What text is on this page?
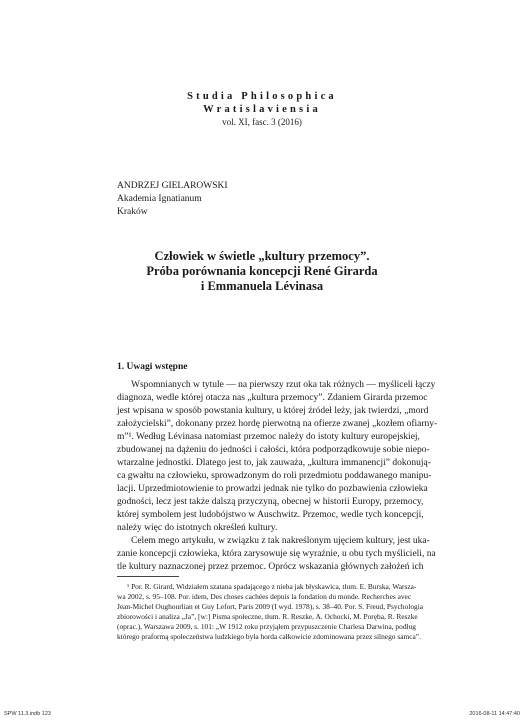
Studia Philosophica
Wratislaviensia
vol. XI, fasc. 3 (2016)
ANDRZEJ GIELAROWSKI
Akademia Ignatianum
Kraków
Człowiek w świetle „kultury przemocy”.
Próba porównania koncepcji René Girarda
i Emmanuela Lévinasa
1. Uwagi wstępne
Wspomnianych w tytule — na pierwszy rzut oka tak różnych — myśliceli łączy
diagnoza, wedle której otacza nas „kultura przemocy”. Zdaniem Girarda przemoc
jest wpisana w sposób powstania kultury, u której źródeł leży, jak twierdzi, „mord
założycielski”, dokonany przez hordę pierwotną na ofierze zwanej „kozłem ofiarny-
m”¹. Według Lévinasa natomiast przemoc należy do istoty kultury europejskiej,
zbudowanej na dążeniu do jedności i całości, która podporządkowuje sobie niepo-
wtarzalne jednostki. Dlatego jest to, jak zauważa, „kultura immanencji” dokonują-
ca gwałtu na człowieku, sprowadzonym do roli przedmiotu poddawanego manipu-
lacji. Uprzedmiotowienie to prowadzi jednak nie tylko do pozbawienia człowieka
godności, lecz jest także dalszą przyczyną, obecnej w historii Europy, przemocy,
której symbolem jest ludobójstwo w Auschwitz. Przemoc, wedle tych koncepcji,
należy więc do istotnych określeń kultury.
Celem mego artykułu, w związku z tak nakreślonym ujęciem kultury, jest uka-
zanie koncepcji człowieka, która zarysowuje się wyraźnie, u obu tych myślicieli, na
tle kultury naznaczonej przez przemoc. Oprócz wskazania głównych założeń ich
¹ Por. R. Girard, Widziałem szatana spadającego z nieba jak błyskawica, tłum. E. Burska, Warsza-
wa 2002, s. 95–108. Por. idem, Des choses cachées depuis la fondation du monde. Recherches avec
Jean-Michel Oughourlian et Guy Lefort, Paris 2009 (I wyd. 1978), s. 38–40. Por. S. Freud, Psychologia
zbiorowości i analiza „Ja”, [w:] Pisma społeczne, tłum. R. Reszke, A. Ochocki, M. Poręba, R. Reszke
(oprac.), Warszawa 2009, s. 101: „W 1912 roku przyjąłem przypuszczenie Charlesa Darwina, podług
którego praformą społeczeństwa ludzkiego była horda całkowicie zdominowana przez silnego samca”.
SPW 11.3.indb 123	2016-08-11 14:47:40
